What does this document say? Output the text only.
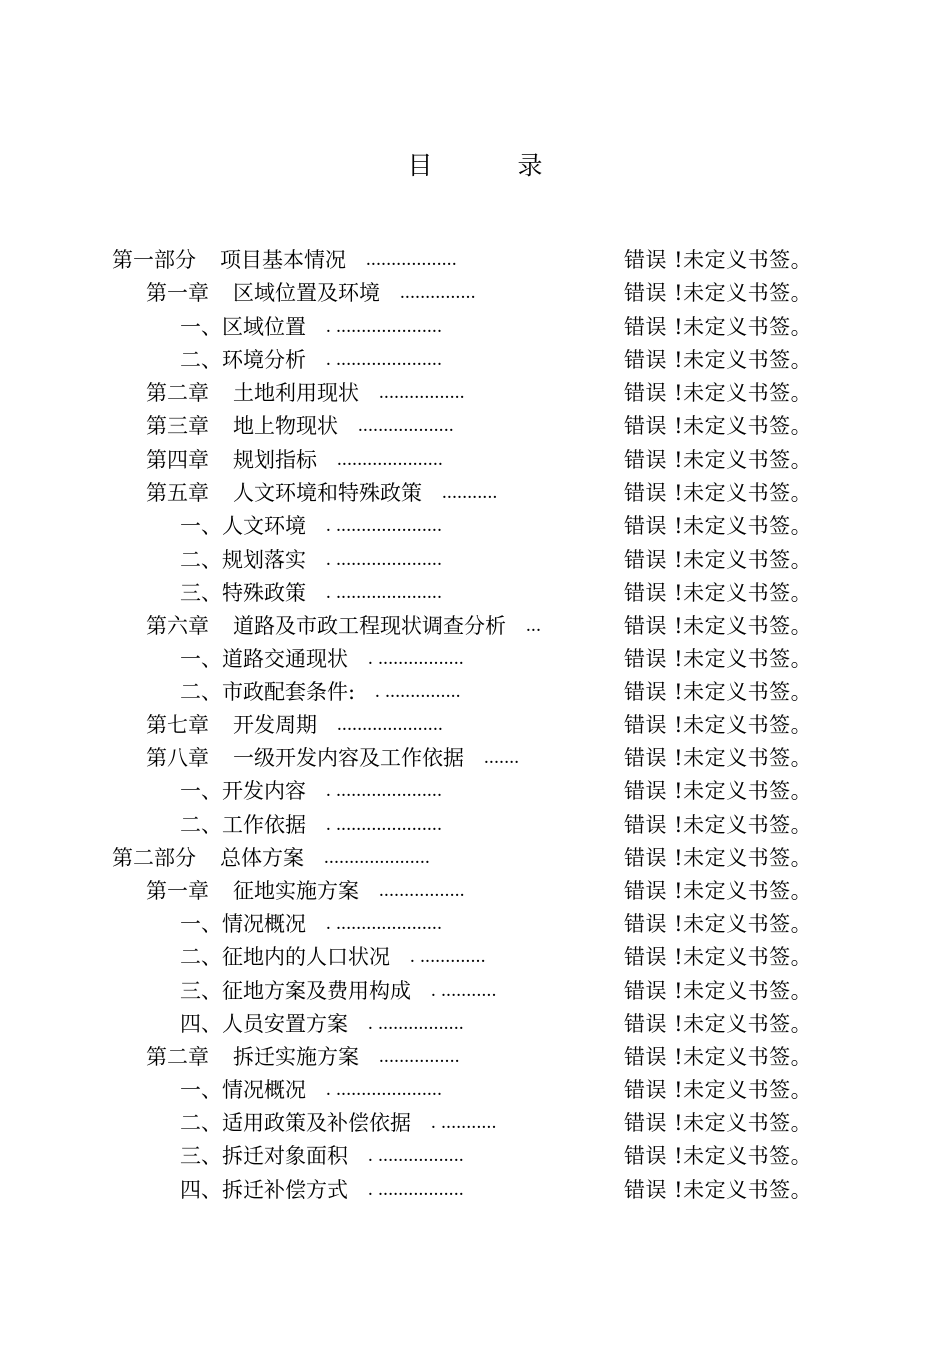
目　录
第一部分 项目基本情况 ..................	错误 !未定义书签。
第一章 区域位置及环境 ...............	错误 !未定义书签。
一、区域位置 . .....................	错误 !未定义书签。
二、环境分析 . .....................	错误 !未定义书签。
第二章 土地利用现状 .................	错误 !未定义书签。
第三章 地上物现状 ...................	错误 !未定义书签。
第四章 规划指标 .....................	错误 !未定义书签。
第五章 人文环境和特殊政策 ...........	错误 !未定义书签。
一、人文环境 . .....................	错误 !未定义书签。
二、规划落实 . .....................	错误 !未定义书签。
三、特殊政策 . .....................	错误 !未定义书签。
第六章 道路及市政工程现状调查分析 ...	错误 !未定义书签。
一、道路交通现状 . .................	错误 !未定义书签。
二、市政配套条件: . ...............	错误 !未定义书签。
第七章 开发周期 .....................	错误 !未定义书签。
第八章 一级开发内容及工作依据 .......	错误 !未定义书签。
一、开发内容 . .....................	错误 !未定义书签。
二、工作依据 . .....................	错误 !未定义书签。
第二部分 总体方案 .....................	错误 !未定义书签。
第一章 征地实施方案 .................	错误 !未定义书签。
一、情况概况 . .....................	错误 !未定义书签。
二、征地内的人口状况 . .............	错误 !未定义书签。
三、征地方案及费用构成 . ...........	错误 !未定义书签。
四、人员安置方案 . .................	错误 !未定义书签。
第二章 拆迁实施方案 ................	错误 !未定义书签。
一、情况概况 . .....................	错误 !未定义书签。
二、适用政策及补偿依据 . ...........	错误 !未定义书签。
三、拆迁对象面积 . .................	错误 !未定义书签。
四、拆迁补偿方式 . .................	错误 !未定义书签。
